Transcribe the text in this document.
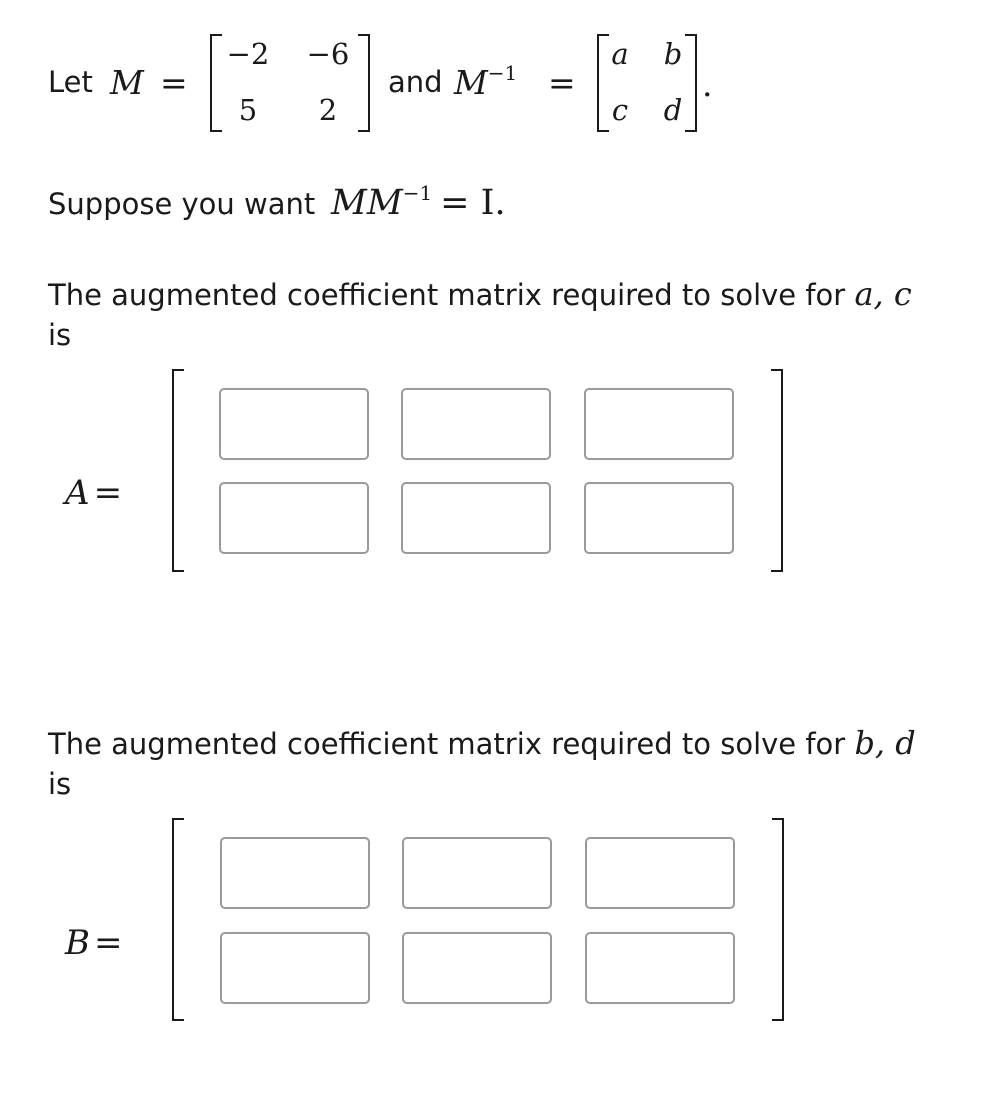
Let M =
−2 −6
5	2
and $M^{-1}$ =
a	b
c	d
.
Suppose you want $MM^{-1} = I$.
The augmented coefficient matrix required to solve for a, c
is
A =
The augmented coefficient matrix required to solve for b, d
is
B =
